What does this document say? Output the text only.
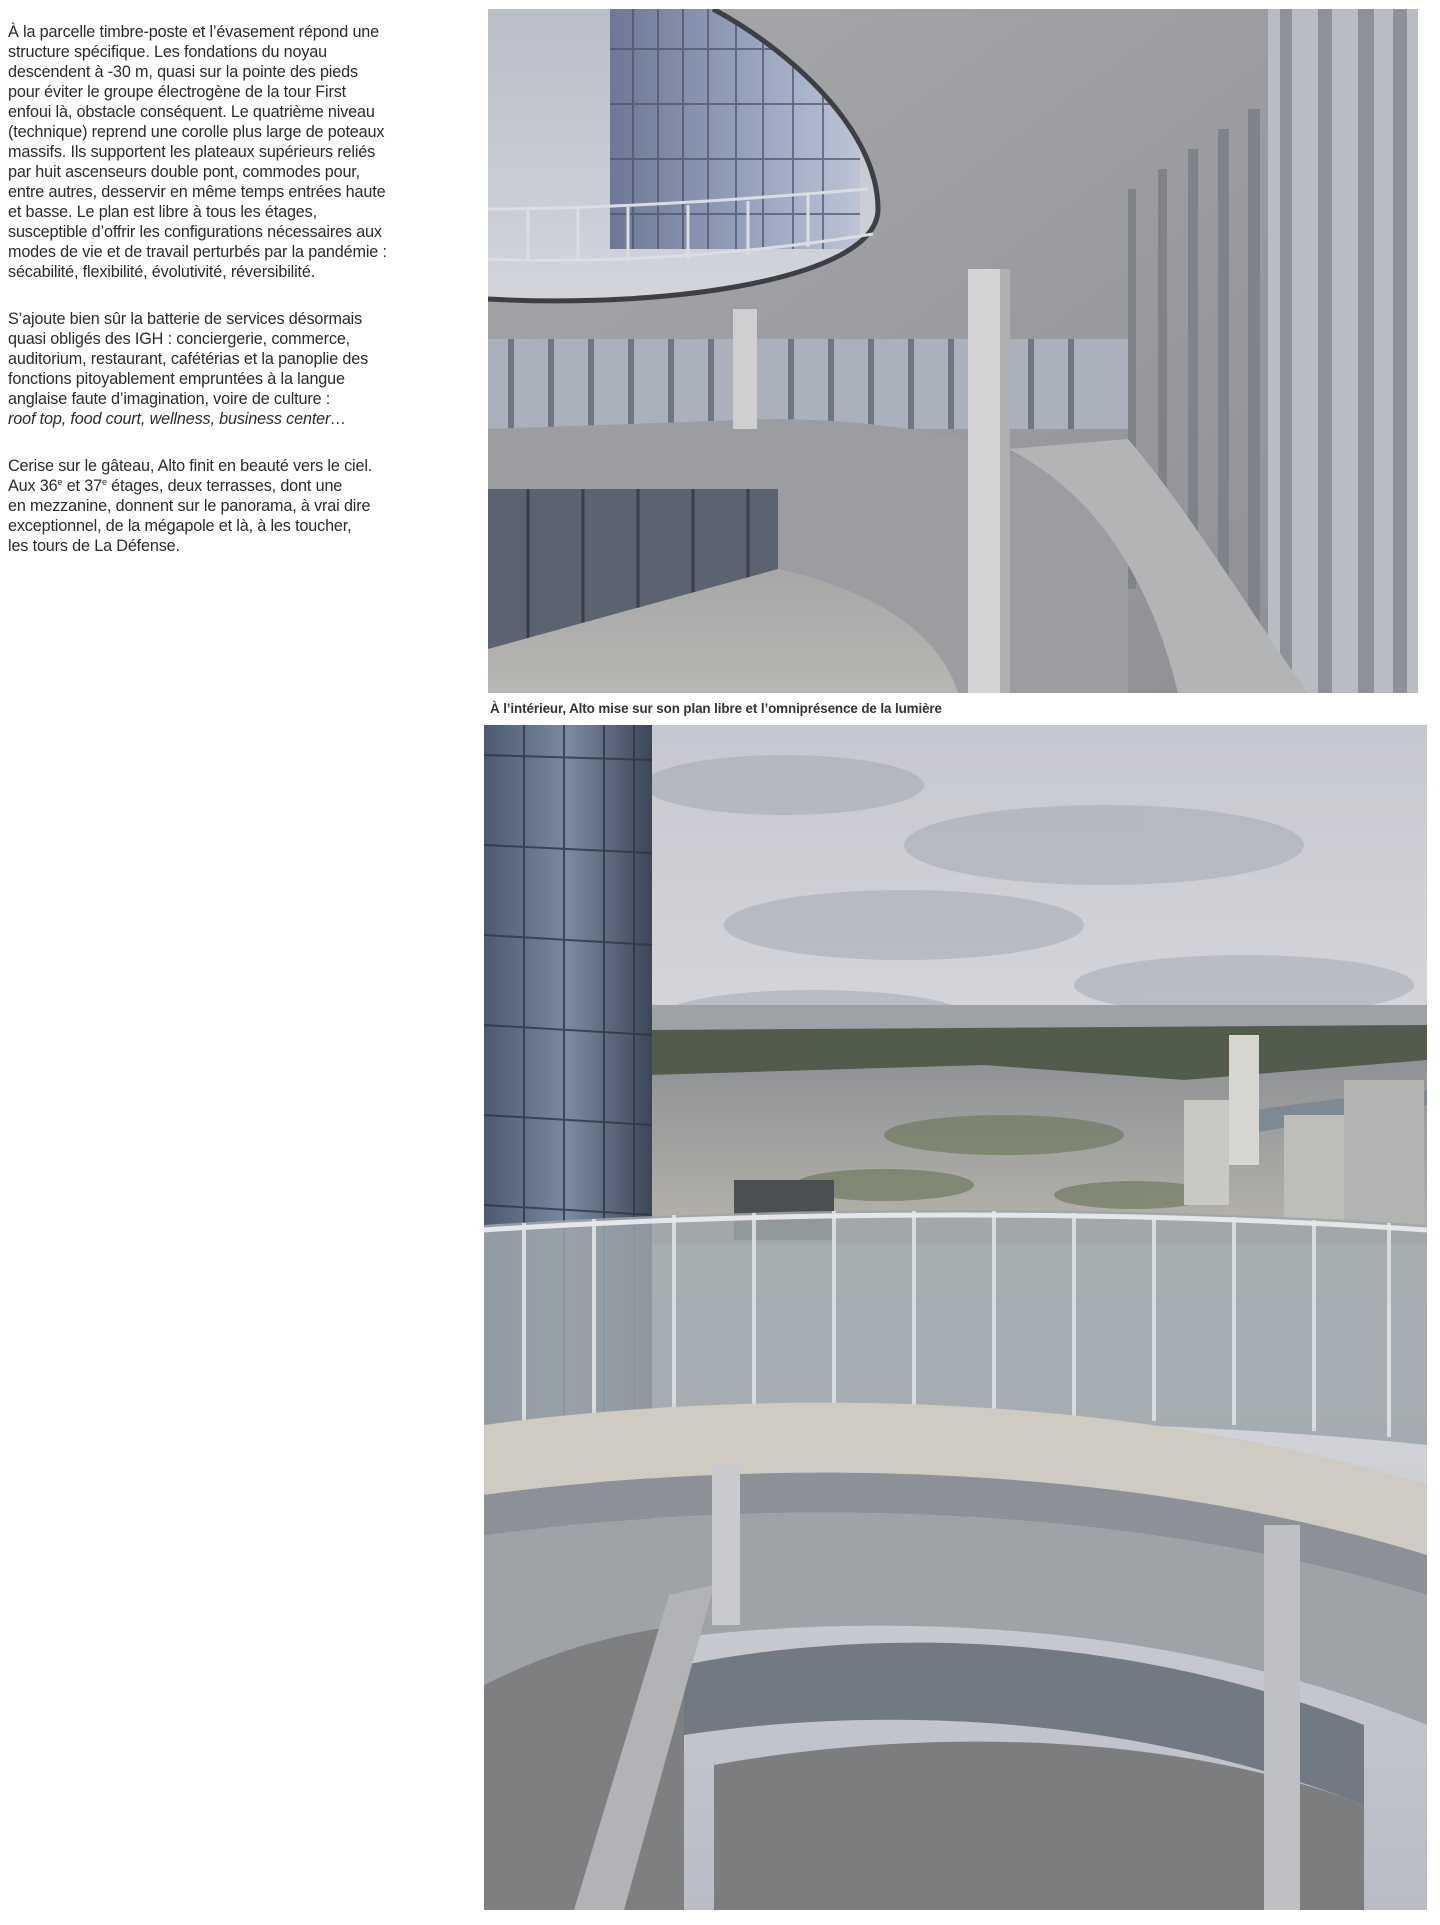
À la parcelle timbre-poste et l’évasement répond une
structure spécifique. Les fondations du noyau
descendent à -30 m, quasi sur la pointe des pieds
pour éviter le groupe électrogène de la tour First
enfoui là, obstacle conséquent. Le quatrième niveau
(technique) reprend une corolle plus large de poteaux
massifs. Ils supportent les plateaux supérieurs reliés
par huit ascenseurs double pont, commodes pour,
entre autres, desservir en même temps entrées haute
et basse. Le plan est libre à tous les étages,
susceptible d’offrir les configurations nécessaires aux
modes de vie et de travail perturbés par la pandémie :
sécabilité, flexibilité, évolutivité, réversibilité.

S’ajoute bien sûr la batterie de services désormais
quasi obligés des IGH : conciergerie, commerce,
auditorium, restaurant, cafétérias et la panoplie des
fonctions pitoyablement empruntées à la langue
anglaise faute d’imagination, voire de culture :
roof top, food court, wellness, business center…

Cerise sur le gâteau, Alto finit en beauté vers le ciel.
Aux 36e et 37e étages, deux terrasses, dont une
en mezzanine, donnent sur le panorama, à vrai dire
exceptionnel, de la mégapole et là, à les toucher,
les tours de La Défense.

À l’intérieur, Alto mise sur son plan libre et l’omniprésence de la lumière
